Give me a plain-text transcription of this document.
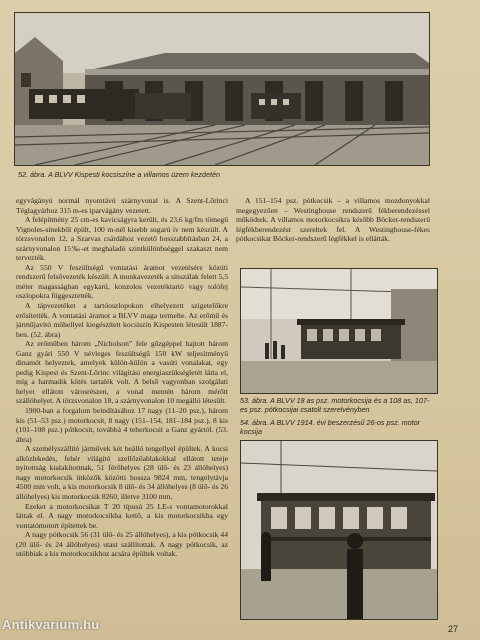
52. ábra. A BLVV Kispesti kocsiszíne a villamos üzem kezdetén

egyvágányú normál nyomtávú szárnyvonal is. A Szent-Lőrinci Téglagyárhoz 315 m-es iparvágány vezetett.

A felépítmény 25 cm-es kavicságyra került, és 23,6 kg/fm tömegű Vignoles-sínekből épült, 100 m-nél kisebb sugarú ív nem készült. A törzsvonalon 12, a Szarvas csárdához vezető hosszabbításban 24, a szárnyvonalon 15‰-et meghaladó szintkülönbséggel szakaszt nem tervezték.

Az 550 V feszültségű vontatási áramot vezetésére közúti rendszerű felsővezeték készült. A munkavezeték a sínszálak felett 5,5 méter magasságban egykarú, konzolos vezetéktartó vagy tolófej oszlopokra függesztették.

A tápvezetéket a tartóoszlopokon elhelyezett szigetelőkre erősítették. A vontatási áramot a BLVV maga termelte. Az erőmű és járműjavító műhellyel kiegészített kocsiszín Kispesten létesült 1887-ben. (52. ábra)

Az erőműben három „Nicholson” fele gőzgéppel hajtott három Ganz gyári 550 V névleges feszültségű 150 kW teljesítményű dinamót helyeztek, amelyek külön-külön a vasúti vonalakat, egy pedig Kispest és Szent-Lőrinc világítási energiaszükségletét látta el, míg a harmadik kötés tartalék volt. A belső vagyonban szolgálati helyet ellátott városrészen, a vonal mentén három mérőtt szállóhelyet. A törzsvonalon 18, a szárnyvonalon 10 megálló létesült.

1900-ban a forgalom beindításához 17 nagy (11–20 psz.), három kis (51–53 psz.) motorkocsit, 8 nagy (151–154, 181–184 psz.), 8 kis (101–108 psz.) pótkocsit, továbbá 4 teherkocsit a Ganz gyártól. (53. ábra)

A személyszállító járművek két beálló tengellyel épültek. A kocsi alközlekedés, fehér világító szellőzőablakokkal ellátott teteje nyitottság kialakítottnak, 51 férőhelyes (28 ülő- és 23 állóhelyes) nagy motorkocsik ütközők közötti hossza 9824 mm, tengelytávja 4500 mm volt, a kis motorkocsik 8 ülő- és 34 állóhelyes (8 ülő- és 26 állóhelyes) kis motorkocsik 8260, illetve 3100 mm.

Ezeket a motorkocsikat T 20 típusú 25 LE-s vontamotorokkal láttak el. A nagy motorkocsikba kettő, a kis motorkocsikba egy vontatómotort építettek be.

A nagy pótkocsik 56 (31 ülő- és 25 állóhelyes), a kis pótkocsik 44 (20 ülő- és 24 állóhelyes) utast szállítottak. A nagy pótkocsik, az utóbbiak a kis motorkocsikhoz acsára épültek voltak.

A 151–154 psz. pótkocsik – a villamos mozdonyokkal megegyezően – Westinghouse rendszerű fékberendezéssel működtek. A villamos motorkocsikra később Böcker-rendszerű légfékberendezést szereltek fel. A Westinghouse-fékes pótkocsikat Böcker-rendszerű légfékkel is ellátták.

53. ábra. A BLVV 18 as psz. motorkocsija és a 108 as, 107-es psz. pótkocsijai csatolt szerelvényben
54. ábra. A BLVV 1914. évi beszerzésű 26-os psz. motor kocsija
27
Antikvarium.hu
